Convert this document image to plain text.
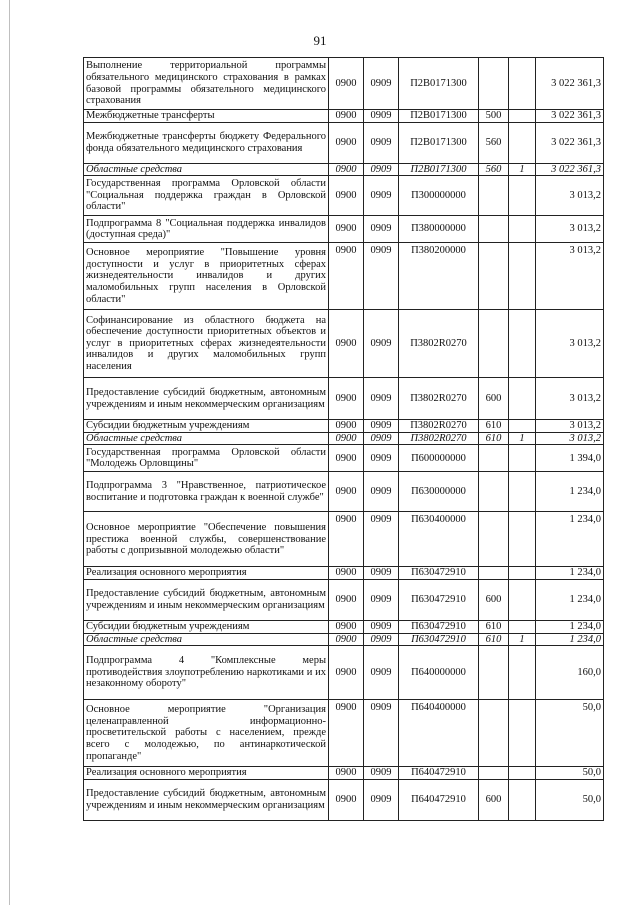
91
Выполнение территориальной программы обязательного медицинского страхования в рамках базовой программы обязательного медицинского страхования	0900	0909	П2В0171300			3 022 361,3
Межбюджетные трансферты	0900	0909	П2В0171300	500		3 022 361,3
Межбюджетные трансферты бюджету Федерального фонда обязательного медицинского страхования	0900	0909	П2В0171300	560		3 022 361,3
Областные средства	0900	0909	П2В0171300	560	1	3 022 361,3
Государственная программа Орловской области "Социальная поддержка граждан в Орловской области"	0900	0909	П300000000			3 013,2
Подпрограмма 8 "Социальная поддержка инвалидов (доступная среда)"	0900	0909	П380000000			3 013,2
Основное мероприятие "Повышение уровня доступности и услуг в приоритетных сферах жизнедеятельности инвалидов и других маломобильных групп населения в Орловской области"	0900	0909	П380200000			3 013,2
Софинансирование из областного бюджета на обеспечение доступности приоритетных объектов и услуг в приоритетных сферах жизнедеятельности инвалидов и других маломобильных групп населения	0900	0909	П3802R0270			3 013,2
Предоставление субсидий бюджетным, автономным учреждениям и иным некоммерческим организациям	0900	0909	П3802R0270	600		3 013,2
Субсидии бюджетным учреждениям	0900	0909	П3802R0270	610		3 013,2
Областные средства	0900	0909	П3802R0270	610	1	3 013,2
Государственная программа Орловской области "Молодежь Орловщины"	0900	0909	П600000000			1 394,0
Подпрограмма 3 "Нравственное, патриотическое воспитание и подготовка граждан к военной службе"	0900	0909	П630000000			1 234,0
Основное мероприятие "Обеспечение повышения престижа военной службы, совершенствование работы с допризывной молодежью области"	0900	0909	П630400000			1 234,0
Реализация основного мероприятия	0900	0909	П630472910			1 234,0
Предоставление субсидий бюджетным, автономным учреждениям и иным некоммерческим организациям	0900	0909	П630472910	600		1 234,0
Субсидии бюджетным учреждениям	0900	0909	П630472910	610		1 234,0
Областные средства	0900	0909	П630472910	610	1	1 234,0
Подпрограмма 4 "Комплексные меры противодействия злоупотреблению наркотиками и их незаконному обороту"	0900	0909	П640000000			160,0
Основное мероприятие "Организация целенаправленной информационно-просветительской работы с населением, прежде всего с молодежью, по антинаркотической пропаганде"	0900	0909	П640400000			50,0
Реализация основного мероприятия	0900	0909	П640472910			50,0
Предоставление субсидий бюджетным, автономным учреждениям и иным некоммерческим организациям	0900	0909	П640472910	600		50,0
